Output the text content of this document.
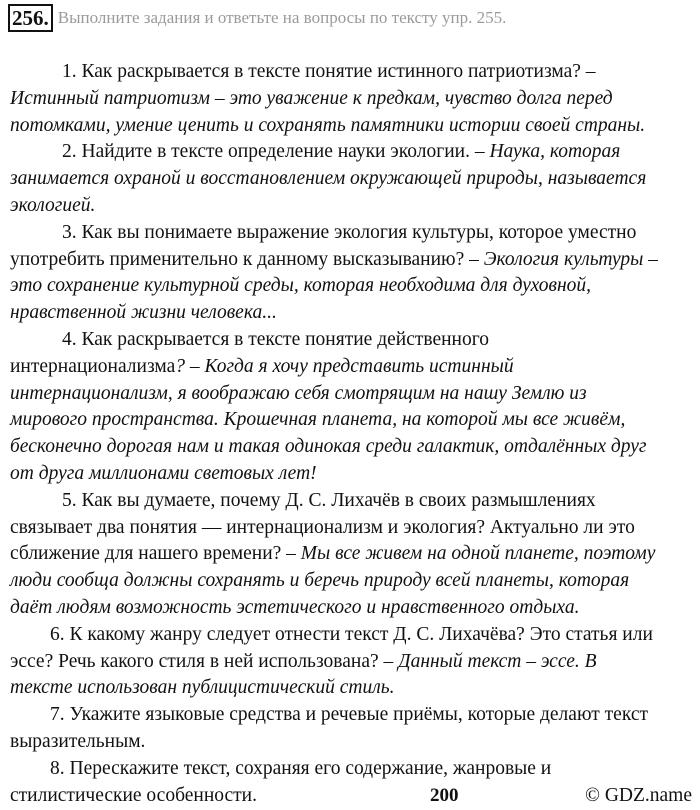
256. Выполните задания и ответьте на вопросы по тексту упр. 255.
1. Как раскрывается в тексте понятие истинного патриотизма? –
Истинный патриотизм – это уважение к предкам, чувство долга перед
потомками, умение ценить и сохранять памятники истории своей страны.
2. Найдите в тексте определение науки экологии. – Наука, которая
занимается охраной и восстановлением окружающей природы, называется
экологией.
3. Как вы понимаете выражение экология культуры, которое уместно
употребить применительно к данному высказыванию? – Экология культуры –
это сохранение культурной среды, которая необходима для духовной,
нравственной жизни человека...
4. Как раскрывается в тексте понятие действенного
интернационализма? – Когда я хочу представить истинный
интернационализм, я воображаю себя смотрящим на нашу Землю из
мирового пространства. Крошечная планета, на которой мы все живём,
бесконечно дорогая нам и такая одинокая среди галактик, отдалённых друг
от друга миллионами световых лет!
5. Как вы думаете, почему Д. С. Лихачёв в своих размышлениях
связывает два понятия — интернационализм и экология? Актуально ли это
сближение для нашего времени? – Мы все живем на одной планете, поэтому
люди сообща должны сохранять и беречь природу всей планеты, которая
даёт людям возможность эстетического и нравственного отдыха.
6. К какому жанру следует отнести текст Д. С. Лихачёва? Это статья или
эссе? Речь какого стиля в ней использована? – Данный текст – эссе. В
тексте использован публицистический стиль.
7. Укажите языковые средства и речевые приёмы, которые делают текст
выразительным.
8. Перескажите текст, сохраняя его содержание, жанровые и
стилистические особенности.	200	© GDZ.name
